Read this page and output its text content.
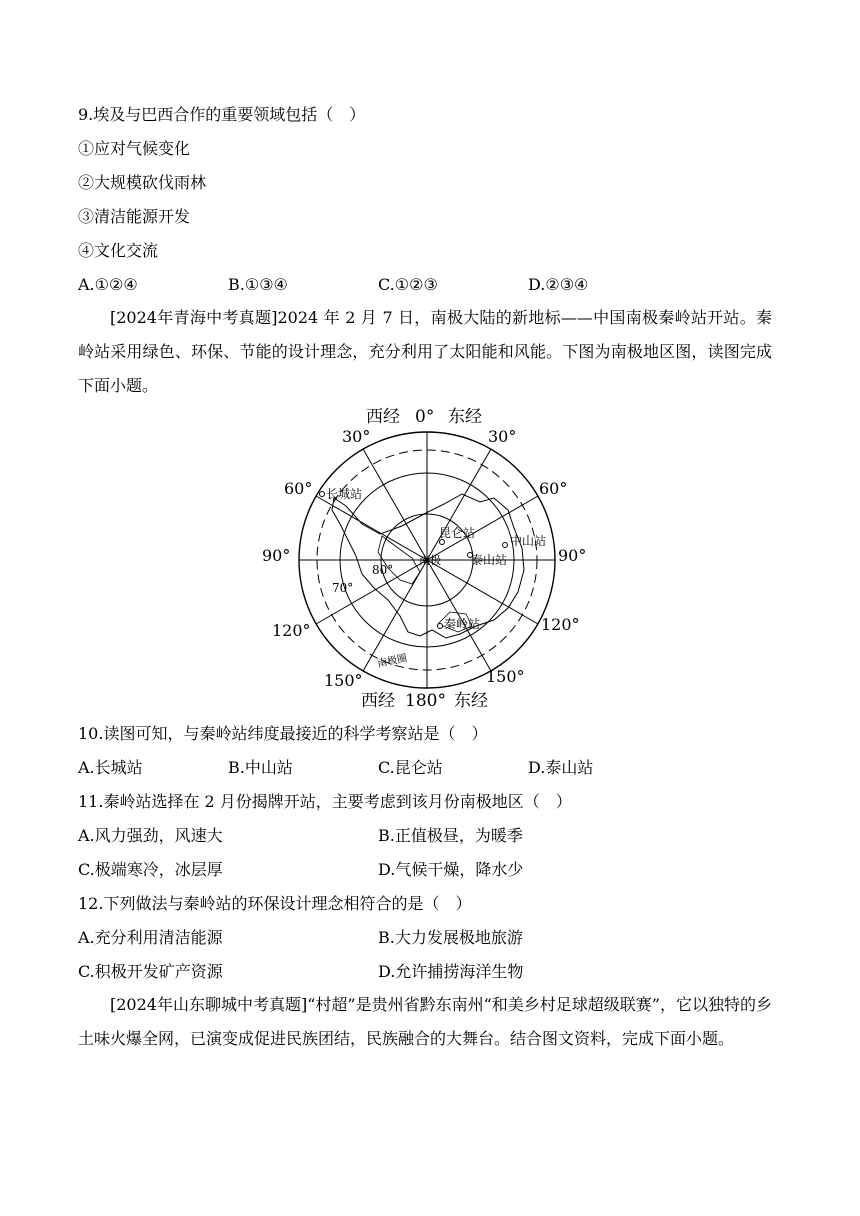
9.埃及与巴西合作的重要领域包括（　）
①应对气候变化
②大规模砍伐雨林
③清洁能源开发
④文化交流
A.①②④	B.①③④	C.①②③	D.②③④
[2024年青海中考真题]2024 年 2 月 7 日，南极大陆的新地标——中国南极秦岭站开站。秦岭站采用绿色、环保、节能的设计理念，充分利用了太阳能和风能。下图为南极地区图，读图完成下面小题。
西经 0° 东经
西经 180° 东经
30°	30°
60°	60°
90°	90°
120°	120°
150°	150°
70°
80°
南极
南极圈
长城站
昆仑站
中山站
泰山站
秦岭站
10.读图可知，与秦岭站纬度最接近的科学考察站是（　）
A.长城站	B.中山站	C.昆仑站	D.泰山站
11.秦岭站选择在 2 月份揭牌开站，主要考虑到该月份南极地区（　）
A.风力强劲，风速大	B.正值极昼，为暖季
C.极端寒冷，冰层厚	D.气候干燥，降水少
12.下列做法与秦岭站的环保设计理念相符合的是（　）
A.充分利用清洁能源	B.大力发展极地旅游
C.积极开发矿产资源	D.允许捕捞海洋生物
[2024年山东聊城中考真题]“村超”是贵州省黔东南州“和美乡村足球超级联赛”，它以独特的乡土味火爆全网，已演变成促进民族团结，民族融合的大舞台。结合图文资料，完成下面小题。
